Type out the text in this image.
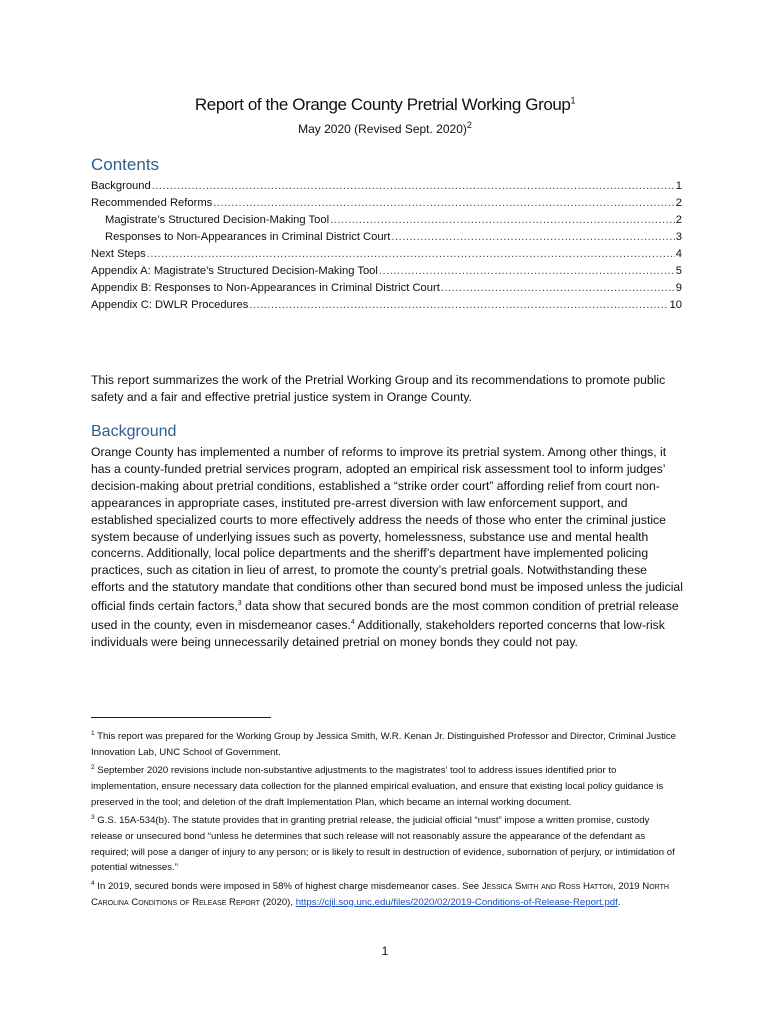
Report of the Orange County Pretrial Working Group$^1$
May 2020 (Revised Sept. 2020)$^2$
Contents
Background .....	1
Recommended Reforms .....	2
Magistrate’s Structured Decision-Making Tool .....	2
Responses to Non-Appearances in Criminal District Court .....	3
Next Steps .....	4
Appendix A: Magistrate’s Structured Decision-Making Tool .....	5
Appendix B: Responses to Non-Appearances in Criminal District Court .....	9
Appendix C: DWLR Procedures .....	10

This report summarizes the work of the Pretrial Working Group and its recommendations to promote public safety and a fair and effective pretrial justice system in Orange County.

Background

Orange County has implemented a number of reforms to improve its pretrial system. Among other things, it has a county-funded pretrial services program, adopted an empirical risk assessment tool to inform judges’ decision-making about pretrial conditions, established a “strike order court” affording relief from court non-appearances in appropriate cases, instituted pre-arrest diversion with law enforcement support, and established specialized courts to more effectively address the needs of those who enter the criminal justice system because of underlying issues such as poverty, homelessness, substance use and mental health concerns. Additionally, local police departments and the sheriff’s department have implemented policing practices, such as citation in lieu of arrest, to promote the county’s pretrial goals. Notwithstanding these efforts and the statutory mandate that conditions other than secured bond must be imposed unless the judicial official finds certain factors,$^3$ data show that secured bonds are the most common condition of pretrial release used in the county, even in misdemeanor cases.$^4$ Additionally, stakeholders reported concerns that low-risk individuals were being unnecessarily detained pretrial on money bonds they could not pay.

$^1$ This report was prepared for the Working Group by Jessica Smith, W.R. Kenan Jr. Distinguished Professor and Director, Criminal Justice Innovation Lab, UNC School of Government.

$^2$ September 2020 revisions include non-substantive adjustments to the magistrates’ tool to address issues identified prior to implementation, ensure necessary data collection for the planned empirical evaluation, and ensure that existing local policy guidance is preserved in the tool; and deletion of the draft Implementation Plan, which became an internal working document.

$^3$ G.S. 15A-534(b). The statute provides that in granting pretrial release, the judicial official “must” impose a written promise, custody release or unsecured bond “unless he determines that such release will not reasonably assure the appearance of the defendant as required; will pose a danger of injury to any person; or is likely to result in destruction of evidence, subornation of perjury, or intimidation of potential witnesses.”

$^4$ In 2019, secured bonds were imposed in 58% of highest charge misdemeanor cases. See Jessica Smith and Ross Hatton, 2019 North Carolina Conditions of Release Report (2020), https://cjil.sog.unc.edu/files/2020/02/2019-Conditions-of-Release-Report.pdf.

1
